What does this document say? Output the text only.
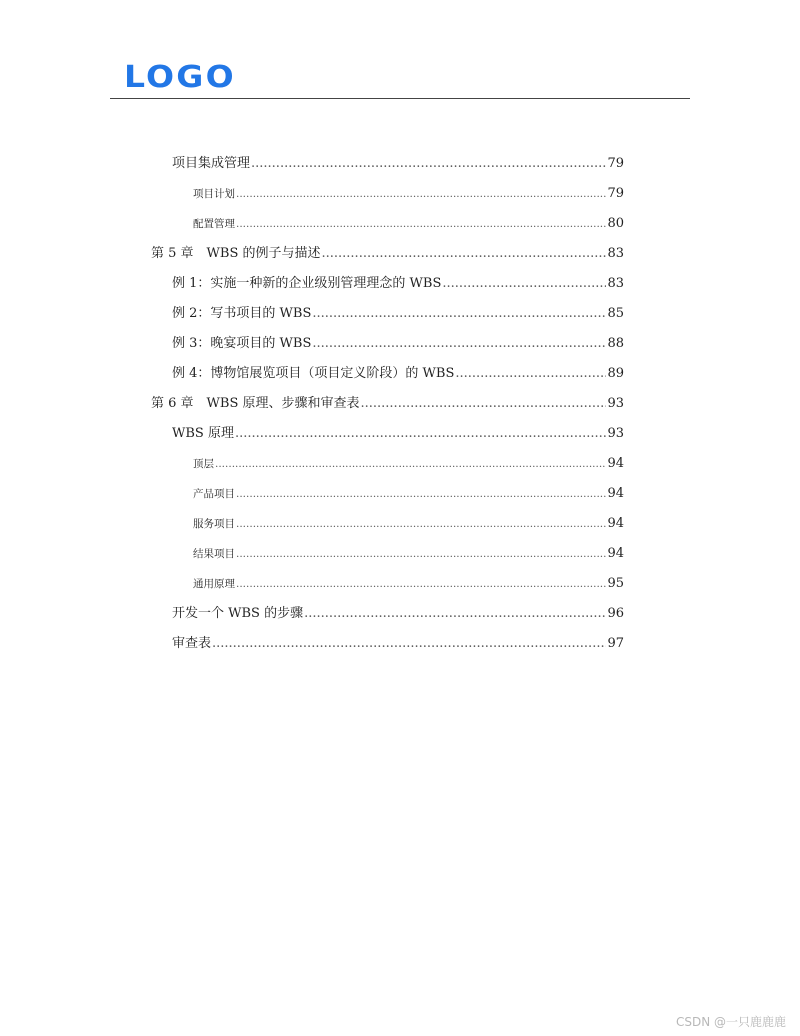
LOGO
项目集成管理 .....	79
项目计划 .....	79
配置管理 .....	80
第 5 章　WBS 的例子与描述 .....	83
例 1：实施一种新的企业级别管理理念的 WBS .....	83
例 2：写书项目的 WBS .....	85
例 3：晚宴项目的 WBS .....	88
例 4：博物馆展览项目（项目定义阶段）的 WBS .....	89
第 6 章　WBS 原理、步骤和审查表 .....	93
WBS 原理 .....	93
顶层 .....	94
产品项目 .....	94
服务项目 .....	94
结果项目 .....	94
通用原理 .....	95
开发一个 WBS 的步骤 .....	96
审查表 .....	97
CSDN @一只鹿鹿鹿
